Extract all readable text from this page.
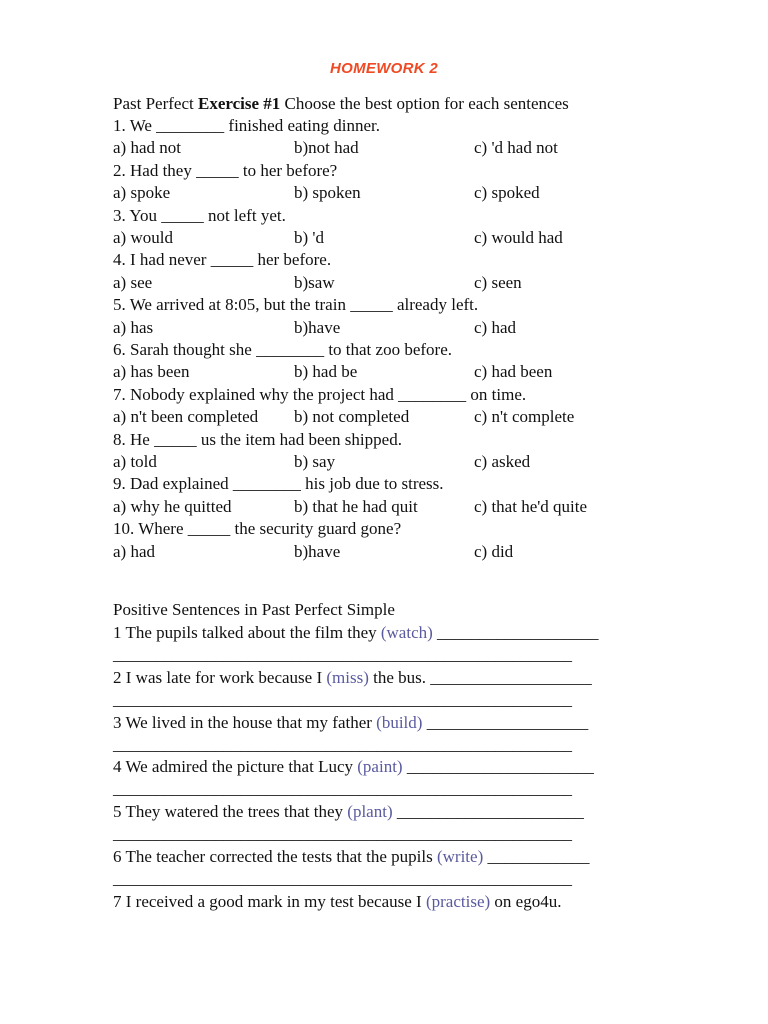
HOMEWORK 2
Past Perfect Exercise #1 Choose the best option for each sentences
1. We ________ finished eating dinner.
a) had not	b)not had	c) 'd had not
2. Had they _____ to her before?
a) spoke	b) spoken	c) spoked
3. You _____ not left yet.
a) would	b) 'd	c) would had
4. I had never _____ her before.
a) see	b)saw	c) seen
5. We arrived at 8:05, but the train _____ already left.
a) has	b)have	c) had
6. Sarah thought she ________ to that zoo before.
a) has been	b) had be	c) had been
7. Nobody explained why the project had ________ on time.
a) n't been completed b) not completed	c) n't complete
8. He _____ us the item had been shipped.
a) told	b) say	c) asked
9. Dad explained ________ his job due to stress.
a) why he quitted	b) that he had quit	c) that he'd quite
10. Where _____ the security guard gone?
a) had	b)have	c) did
Positive Sentences in Past Perfect Simple
1 The pupils talked about the film they (watch) ___________________
______________________________________________________
2 I was late for work because I (miss) the bus. ___________________
______________________________________________________
3 We lived in the house that my father (build) ___________________
______________________________________________________
4 We admired the picture that Lucy (paint) ______________________
______________________________________________________
5 They watered the trees that they (plant) ______________________
______________________________________________________
6 The teacher corrected the tests that the pupils (write) ____________
______________________________________________________
7 I received a good mark in my test because I (practise) on ego4u.
